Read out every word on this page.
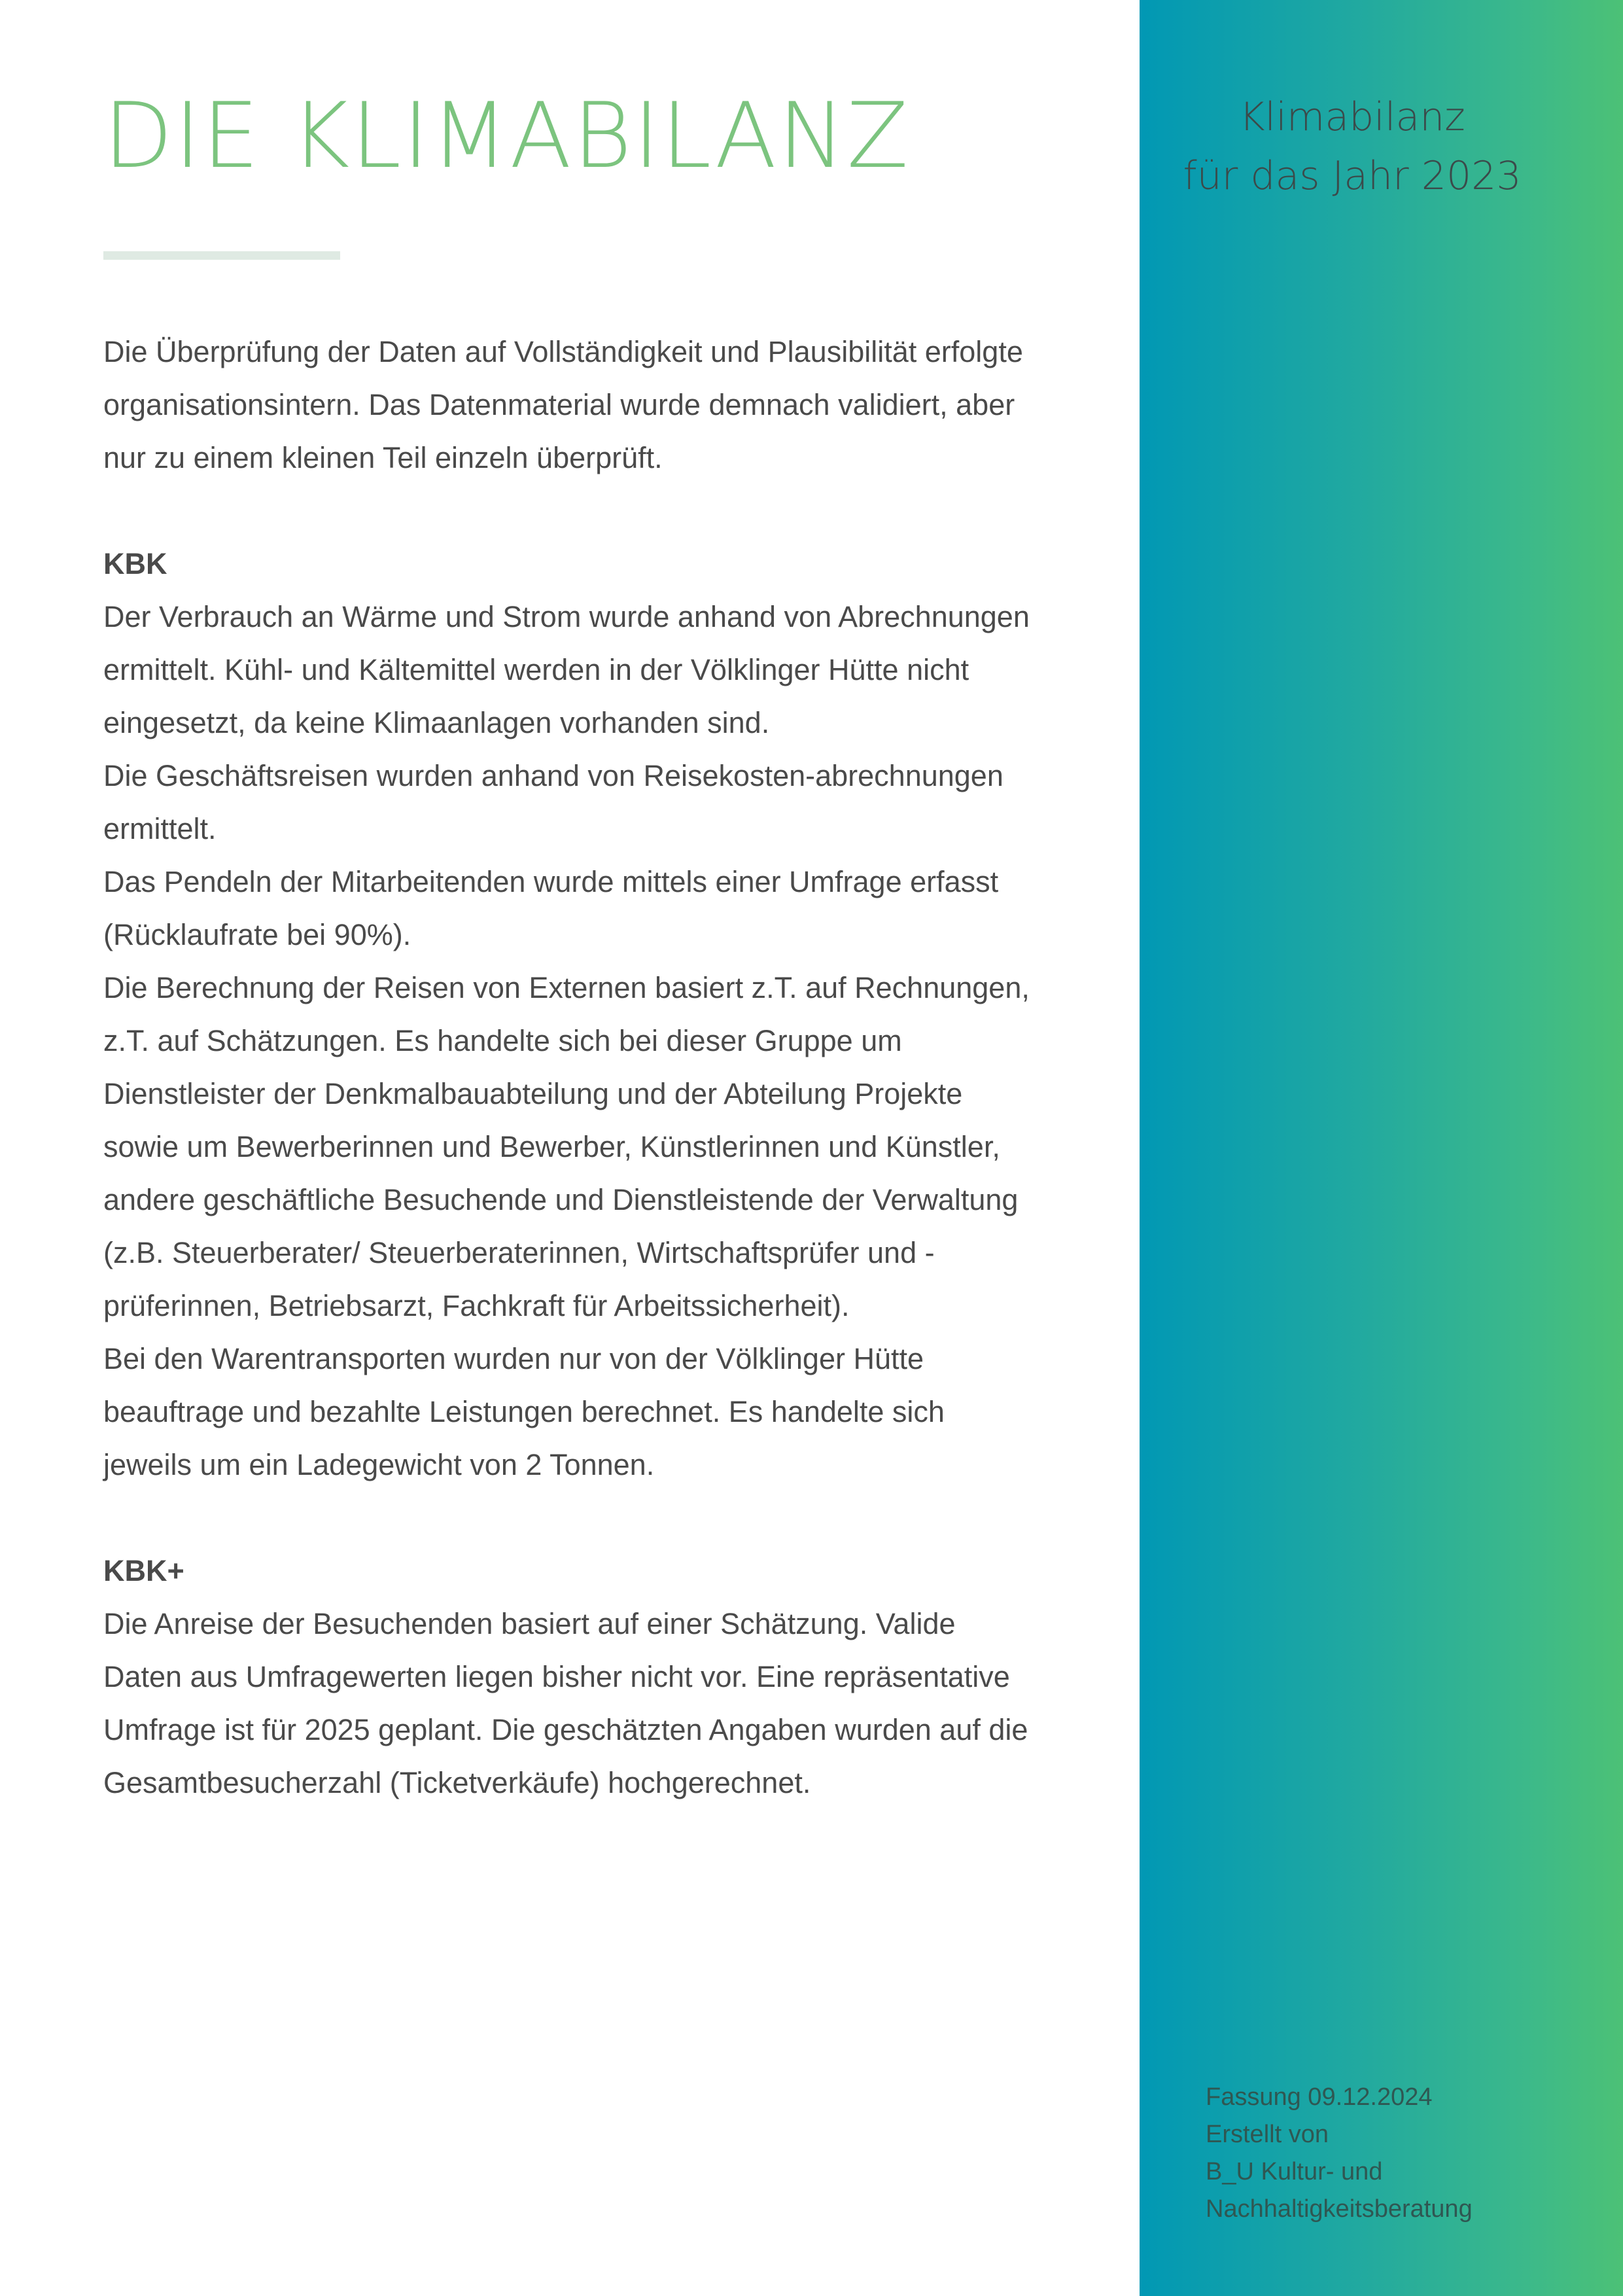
DIE KLIMABILANZ

Die Überprüfung der Daten auf Vollständigkeit und Plausibilität erfolgte organisationsintern. Das Datenmaterial wurde demnach validiert, aber nur zu einem kleinen Teil einzeln überprüft.

KBK

Der Verbrauch an Wärme und Strom wurde anhand von Abrechnungen ermittelt. Kühl- und Kältemittel werden in der Völklinger Hütte nicht eingesetzt, da keine Klimaanlagen vorhanden sind.

Die Geschäftsreisen wurden anhand von Reisekosten-abrechnungen ermittelt.

Das Pendeln der Mitarbeitenden wurde mittels einer Umfrage erfasst (Rücklaufrate bei 90%).

Die Berechnung der Reisen von Externen basiert z.T. auf Rechnungen, z.T. auf Schätzungen. Es handelte sich bei dieser Gruppe um Dienstleister der Denkmalbauabteilung und der Abteilung Projekte sowie um Bewerberinnen und Bewerber, Künstlerinnen und Künstler, andere geschäftliche Besuchende und Dienstleistende der Verwaltung (z.B. Steuerberater/ Steuerberaterinnen, Wirtschaftsprüfer und -prüferinnen, Betriebsarzt, Fachkraft für Arbeitssicherheit).

Bei den Warentransporten wurden nur von der Völklinger Hütte beauftrage und bezahlte Leistungen berechnet. Es handelte sich jeweils um ein Ladegewicht von 2 Tonnen.

KBK+

Die Anreise der Besuchenden basiert auf einer Schätzung. Valide Daten aus Umfragewerten liegen bisher nicht vor. Eine repräsentative Umfrage ist für 2025 geplant. Die geschätzten Angaben wurden auf die Gesamtbesucherzahl (Ticketverkäufe) hochgerechnet.

Klimabilanz
für das Jahr 2023
Fassung 09.12.2024
Erstellt von
B_U Kultur- und
Nachhaltigkeitsberatung
